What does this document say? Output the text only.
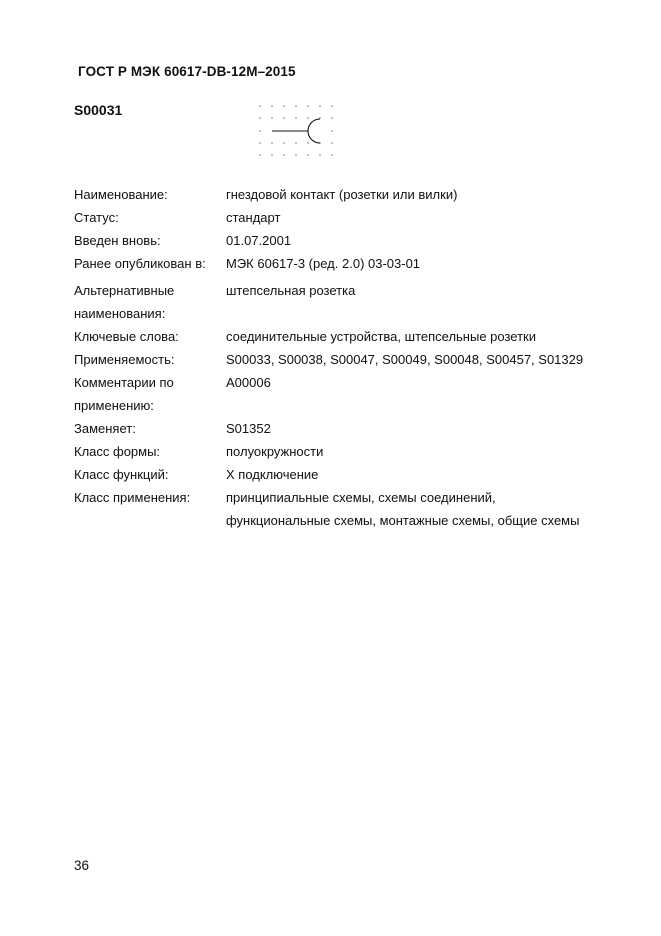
ГОСТ Р МЭК 60617-DB-12M–2015
S00031
Наименование:	гнездовой контакт (розетки или вилки)
Статус:	стандарт
Введен вновь:	01.07.2001
Ранее опубликован в:	МЭК 60617-3 (ред. 2.0) 03-03-01
Альтернативные наименования:
штепсельная розетка
Ключевые слова:	соединительные устройства, штепсельные розетки
Применяемость:	S00033, S00038, S00047, S00049, S00048, S00457, S01329
Комментарии по применению:
A00006
Заменяет:	S01352
Класс формы:	полуокружности
Класс функций:	X подключение
Класс применения:	принципиальные схемы, схемы соединений, функциональные схемы, монтажные схемы, общие схемы
36
